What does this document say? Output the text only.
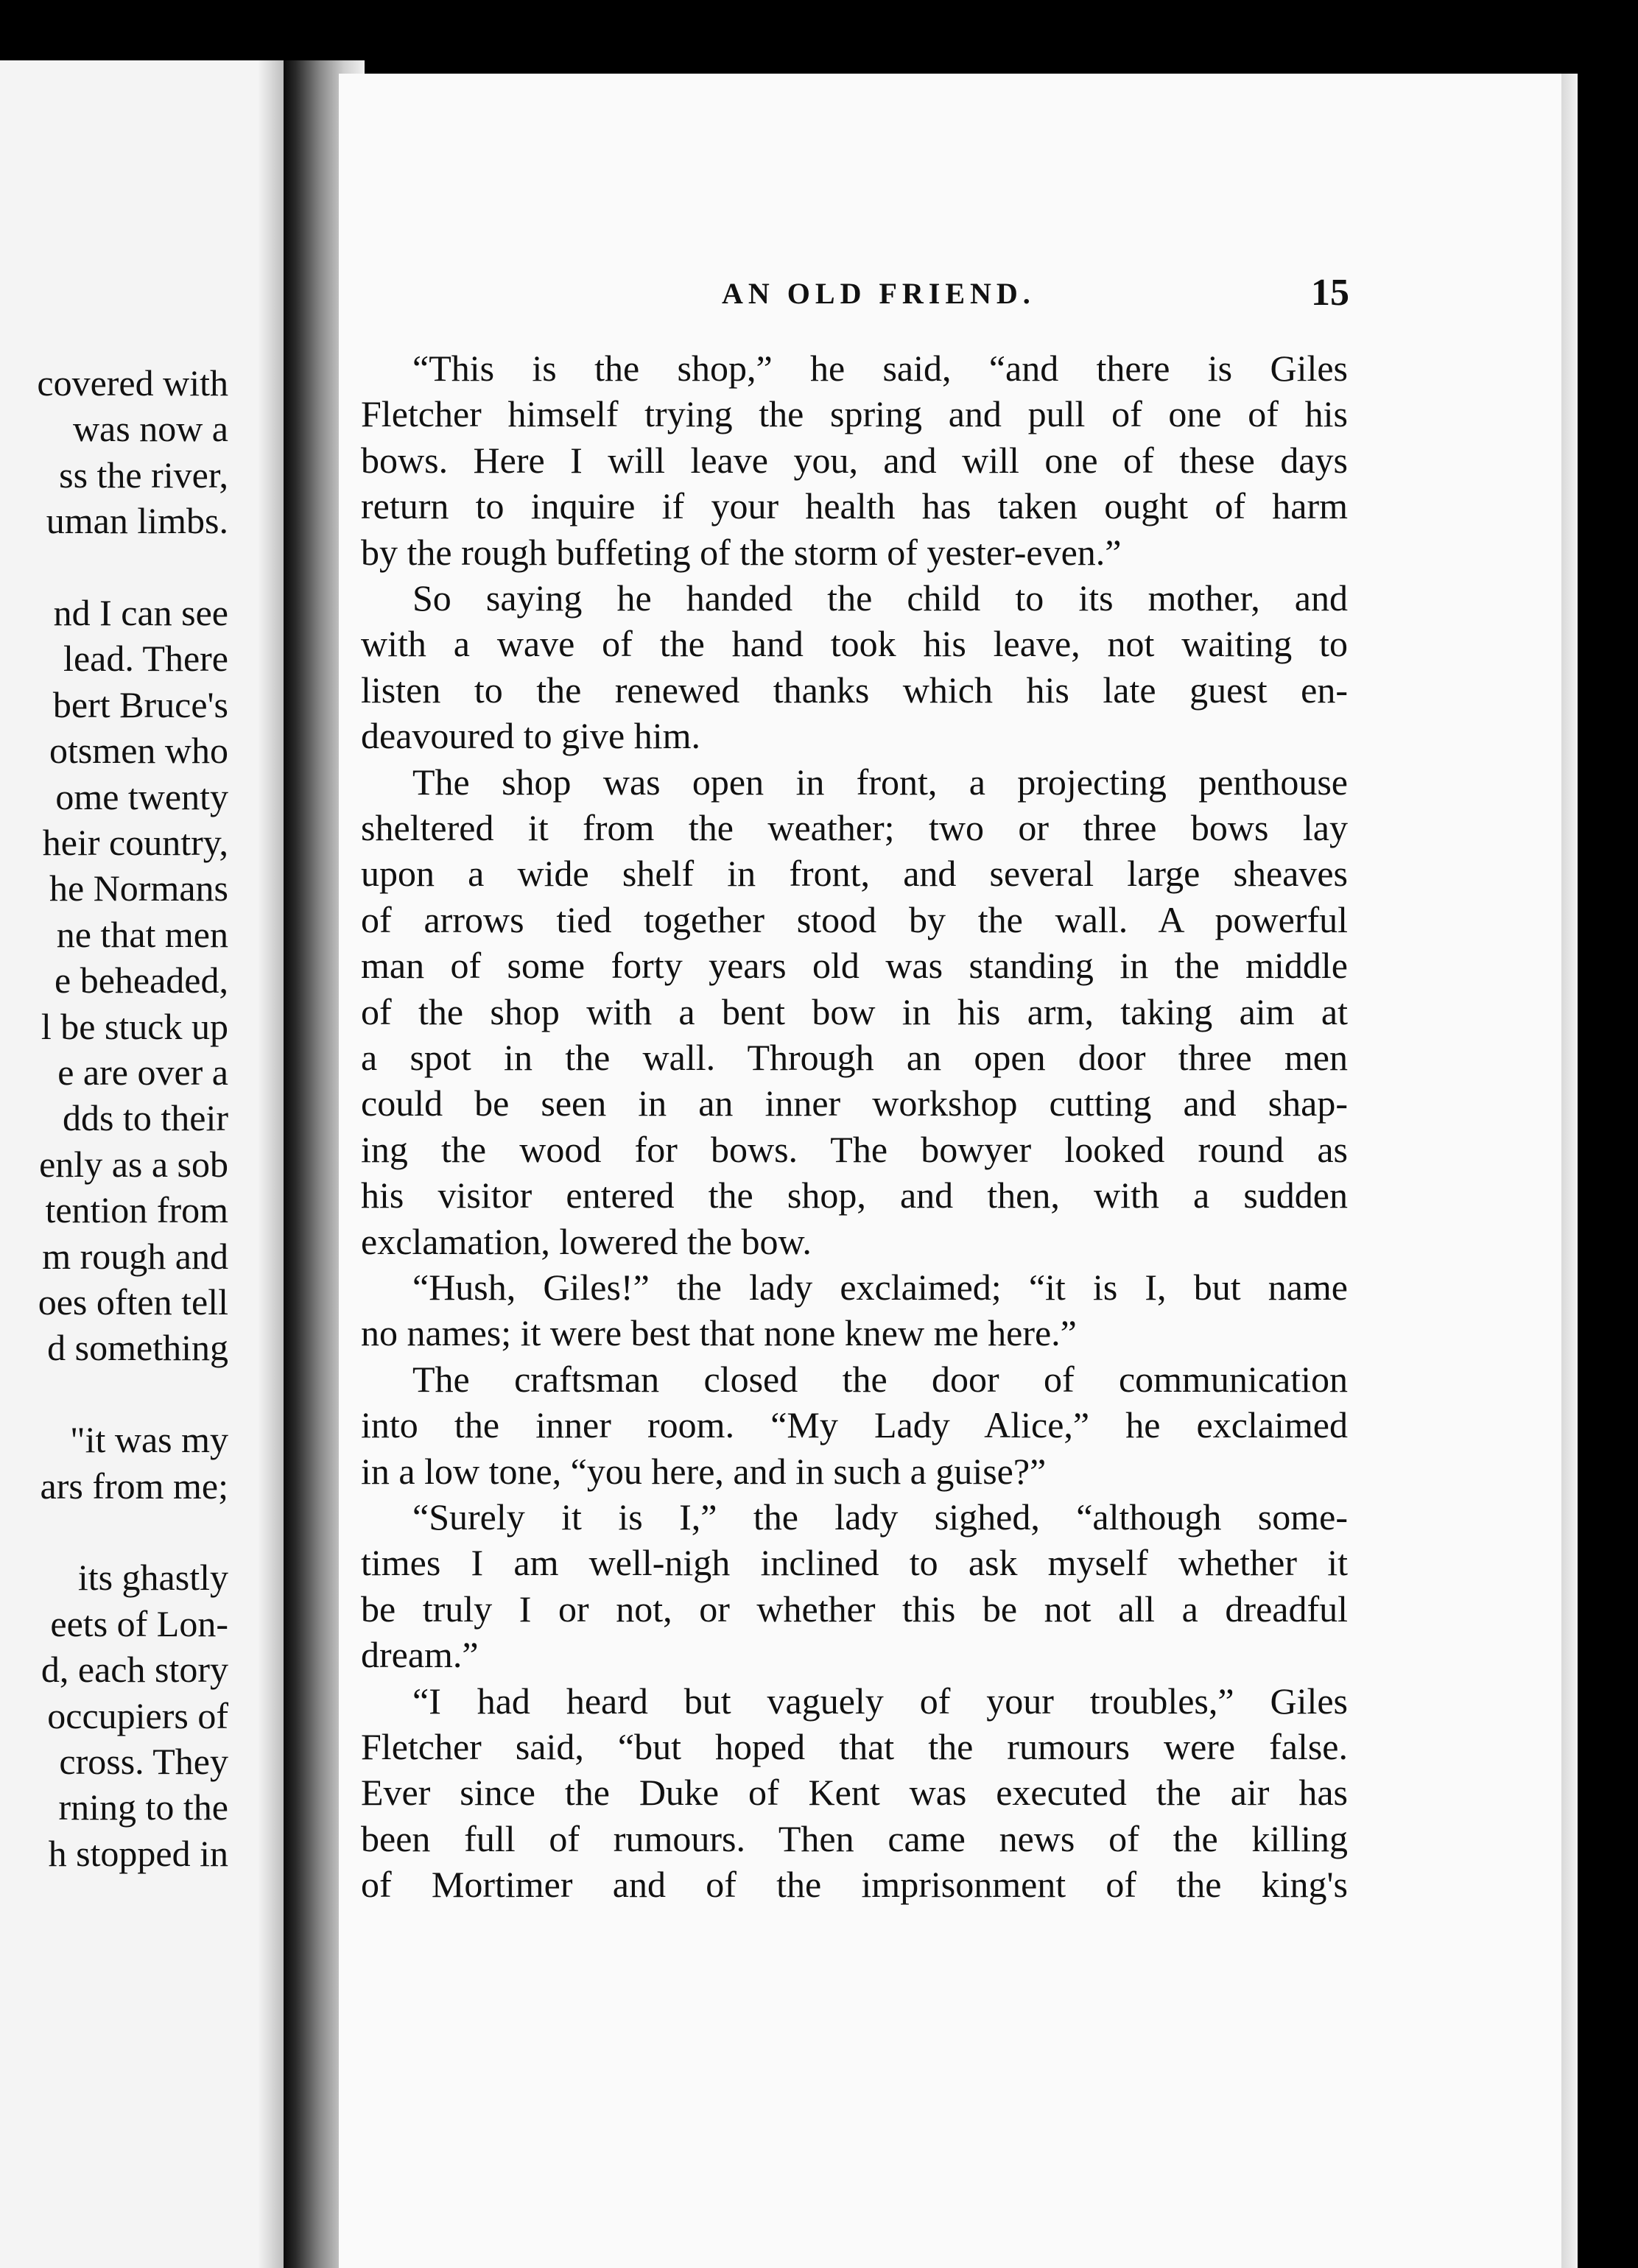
covered with
was now a
ss the river,
uman limbs.
nd I can see
lead. There
bert Bruce's
otsmen who
ome twenty
heir country,
he Normans
ne that men
e beheaded,
l be stuck up
e are over a
dds to their
enly as a sob
tention from
m rough and
oes often tell
d something
"it was my
ars from me;
its ghastly
eets of Lon-
d, each story
occupiers of
cross. They
rning to the
h stopped in
AN OLD FRIEND.	15
“This is the shop,” he said, “and there is Giles
Fletcher himself trying the spring and pull of one of his
bows. Here I will leave you, and will one of these days
return to inquire if your health has taken ought of harm
by the rough buffeting of the storm of yester-even.”
So saying he handed the child to its mother, and
with a wave of the hand took his leave, not waiting to
listen to the renewed thanks which his late guest en-
deavoured to give him.
The shop was open in front, a projecting penthouse
sheltered it from the weather; two or three bows lay
upon a wide shelf in front, and several large sheaves
of arrows tied together stood by the wall. A powerful
man of some forty years old was standing in the middle
of the shop with a bent bow in his arm, taking aim at
a spot in the wall. Through an open door three men
could be seen in an inner workshop cutting and shap-
ing the wood for bows. The bowyer looked round as
his visitor entered the shop, and then, with a sudden
exclamation, lowered the bow.
“Hush, Giles!” the lady exclaimed; “it is I, but name
no names; it were best that none knew me here.”
The craftsman closed the door of communication
into the inner room. “My Lady Alice,” he exclaimed
in a low tone, “you here, and in such a guise?”
“Surely it is I,” the lady sighed, “although some-
times I am well-nigh inclined to ask myself whether it
be truly I or not, or whether this be not all a dreadful
dream.”
“I had heard but vaguely of your troubles,” Giles
Fletcher said, “but hoped that the rumours were false.
Ever since the Duke of Kent was executed the air has
been full of rumours. Then came news of the killing
of Mortimer and of the imprisonment of the king's
